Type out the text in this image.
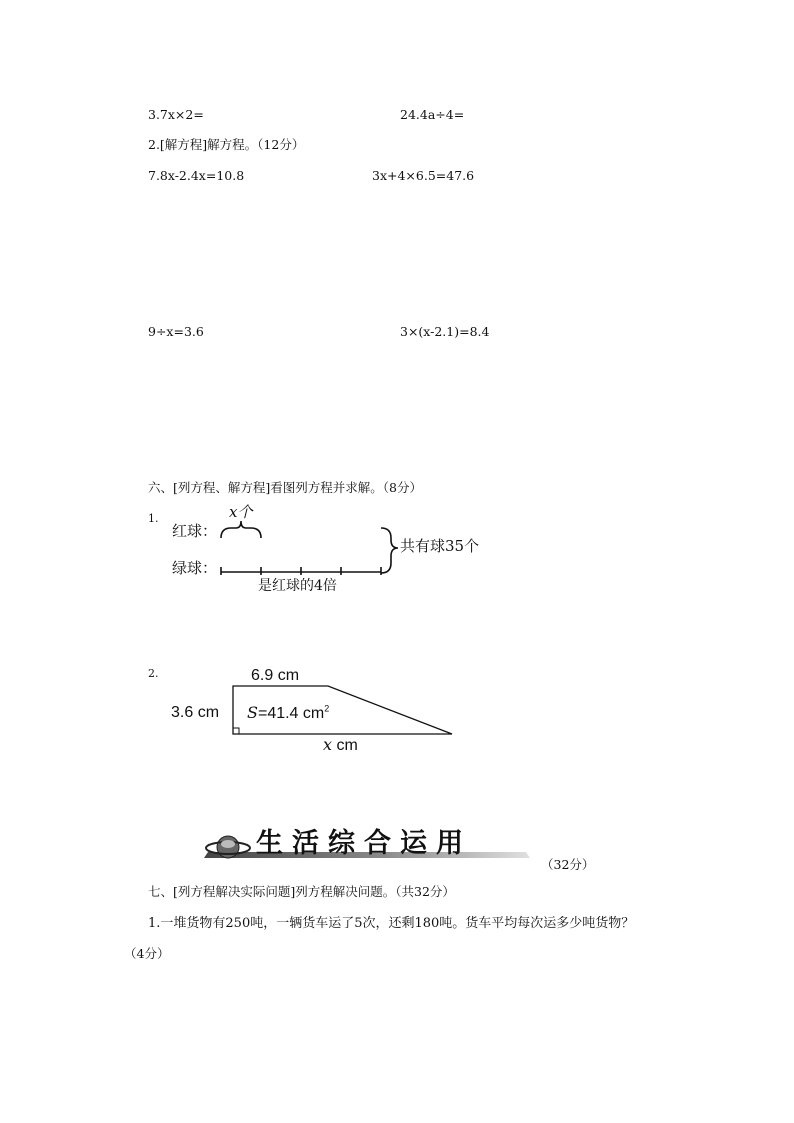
3.7x×2=	24.4a÷4=
2.[解方程]解方程。（12分）
7.8x-2.4x=10.8	3x+4×6.5=47.6
9÷x=3.6	3×(x-2.1)=8.4
六、[列方程、解方程]看图列方程并求解。（8分）
1.
红球：
绿球：
x个
共有球35个
是红球的4倍
2.	6.9 cm
3.6 cm S=41.4 $cm^2$
x cm
生活综合运用
（32分）
七、[列方程解决实际问题]列方程解决问题。（共32分）
1.一堆货物有250吨，一辆货车运了5次，还剩180吨。货车平均每次运多少吨货物？
（4分）
